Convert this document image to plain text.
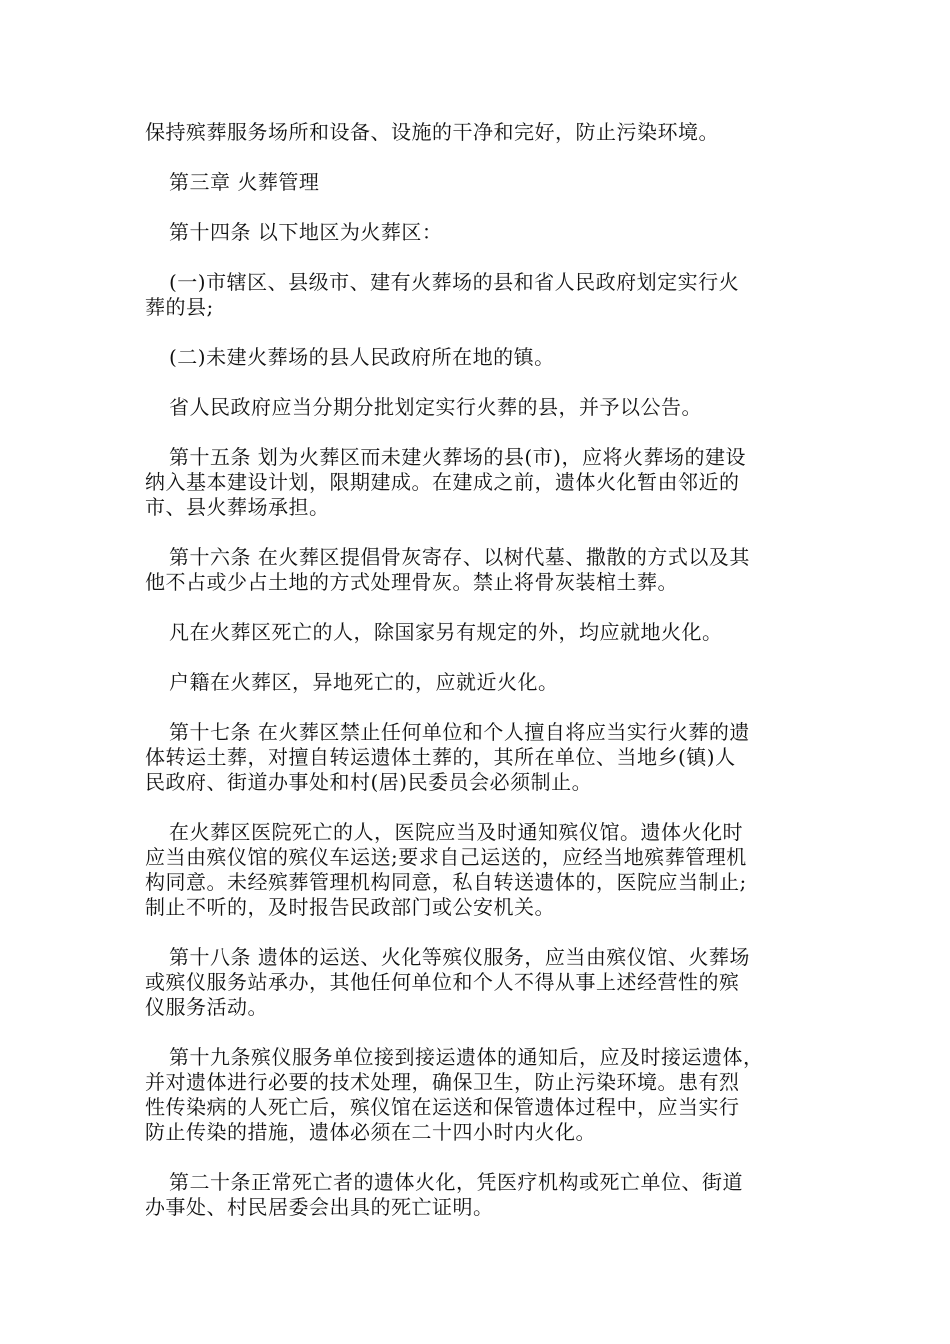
保持殡葬服务场所和设备、设施的干净和完好，防止污染环境。
第三章 火葬管理
第十四条 以下地区为火葬区：
(一)市辖区、县级市、建有火葬场的县和省人民政府划定实行火
葬的县;
(二)未建火葬场的县人民政府所在地的镇。
省人民政府应当分期分批划定实行火葬的县，并予以公告。
第十五条 划为火葬区而未建火葬场的县(市)，应将火葬场的建设
纳入基本建设计划，限期建成。在建成之前，遗体火化暂由邻近的
市、县火葬场承担。
第十六条 在火葬区提倡骨灰寄存、以树代墓、撒散的方式以及其
他不占或少占土地的方式处理骨灰。禁止将骨灰装棺土葬。
凡在火葬区死亡的人，除国家另有规定的外，均应就地火化。
户籍在火葬区，异地死亡的，应就近火化。
第十七条 在火葬区禁止任何单位和个人擅自将应当实行火葬的遗
体转运土葬，对擅自转运遗体土葬的，其所在单位、当地乡(镇)人
民政府、街道办事处和村(居)民委员会必须制止。
在火葬区医院死亡的人，医院应当及时通知殡仪馆。遗体火化时
应当由殡仪馆的殡仪车运送;要求自己运送的，应经当地殡葬管理机
构同意。未经殡葬管理机构同意，私自转送遗体的，医院应当制止;
制止不听的，及时报告民政部门或公安机关。
第十八条 遗体的运送、火化等殡仪服务，应当由殡仪馆、火葬场
或殡仪服务站承办，其他任何单位和个人不得从事上述经营性的殡
仪服务活动。
第十九条殡仪服务单位接到接运遗体的通知后，应及时接运遗体，
并对遗体进行必要的技术处理，确保卫生，防止污染环境。患有烈
性传染病的人死亡后，殡仪馆在运送和保管遗体过程中，应当实行
防止传染的措施，遗体必须在二十四小时内火化。
第二十条正常死亡者的遗体火化，凭医疗机构或死亡单位、街道
办事处、村民居委会出具的死亡证明。
